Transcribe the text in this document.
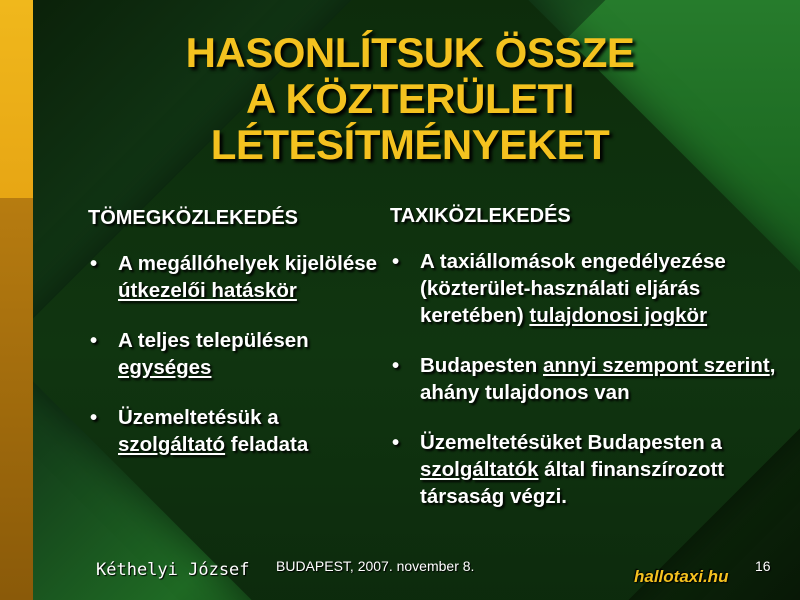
HASONLÍTSUK ÖSSZE
A KÖZTERÜLETI
LÉTESÍTMÉNYEKET
TÖMEGKÖZLEKEDÉS
• A megállóhelyek kijelölése útkezelői hatáskör
• A teljes településen egységes
• Üzemeltetésük a szolgáltató feladata
TAXIKÖZLEKEDÉS
• A taxiállomások engedélyezése (közterület-használati eljárás keretében) tulajdonosi jogkör
• Budapesten annyi szempont szerint, ahány tulajdonos van
• Üzemeltetésüket Budapesten a szolgáltatók által finanszírozott társaság végzi.
Kéthelyi József BUDAPEST, 2007. november 8.	16
hallotaxi.hu
